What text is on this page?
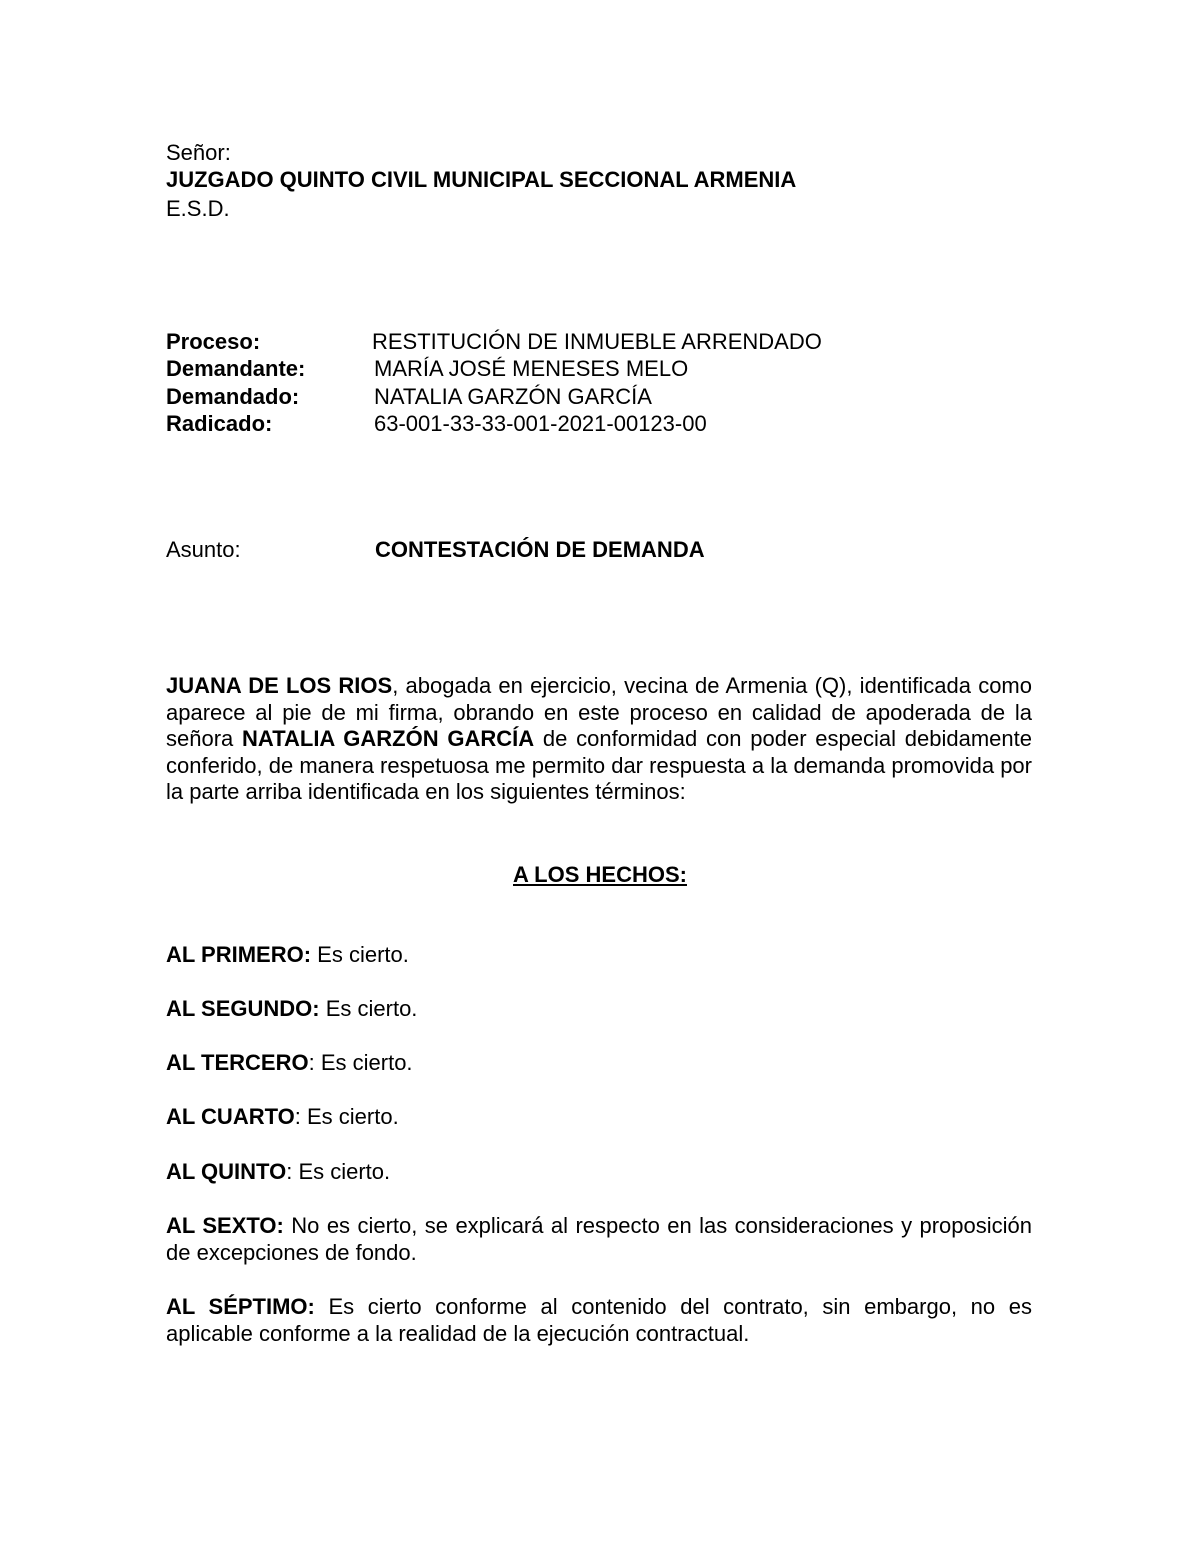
Señor:
JUZGADO QUINTO CIVIL MUNICIPAL SECCIONAL ARMENIA
E.S.D.
Proceso:	RESTITUCIÓN DE INMUEBLE ARRENDADO
Demandante:	MARÍA JOSÉ MENESES MELO
Demandado:	NATALIA GARZÓN GARCÍA
Radicado:	63-001-33-33-001-2021-00123-00
Asunto:	CONTESTACIÓN DE DEMANDA
JUANA DE LOS RIOS, abogada en ejercicio, vecina de Armenia (Q), identificada como aparece al pie de mi firma, obrando en este proceso en calidad de apoderada de la señora NATALIA GARZÓN GARCÍA de conformidad con poder especial debidamente conferido, de manera respetuosa me permito dar respuesta a la demanda promovida por la parte arriba identificada en los siguientes términos:
A LOS HECHOS:
AL PRIMERO: Es cierto.
AL SEGUNDO: Es cierto.
AL TERCERO: Es cierto.
AL CUARTO: Es cierto.
AL QUINTO: Es cierto.
AL SEXTO: No es cierto, se explicará al respecto en las consideraciones y proposición de excepciones de fondo.
AL SÉPTIMO: Es cierto conforme al contenido del contrato, sin embargo, no es aplicable conforme a la realidad de la ejecución contractual.
